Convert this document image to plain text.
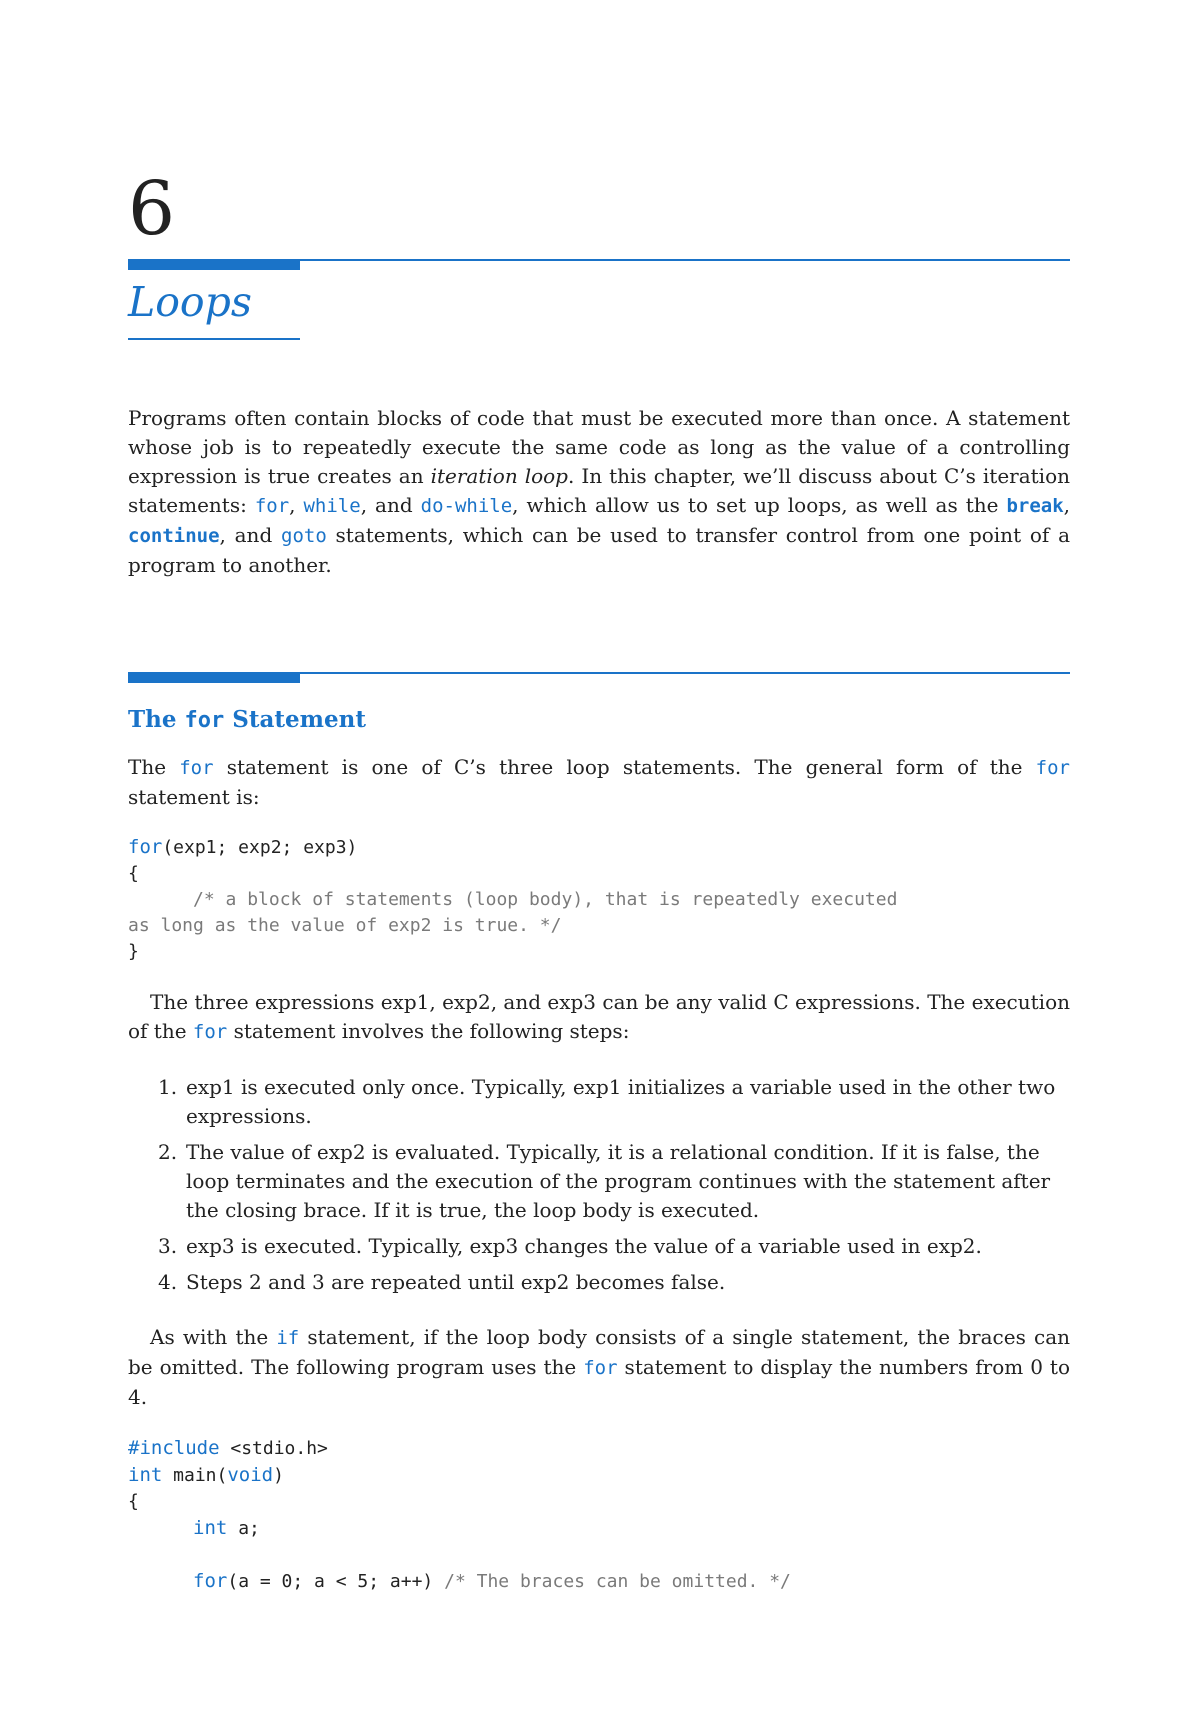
6
Loops

Programs often contain blocks of code that must be executed more than once. A statement whose job is to repeatedly execute the same code as long as the value of a controlling expression is true creates an iteration loop. In this chapter, we’ll discuss about C’s iteration statements: for, while, and do-while, which allow us to set up loops, as well as the break, continue, and goto statements, which can be used to transfer control from one point of a program to another.

The for Statement

The for statement is one of C’s three loop statements. The general form of the for statement is:

for(exp1; exp2; exp3)
{
/* a block of statements (loop body), that is repeatedly executed
as long as the value of exp2 is true. */
}

The three expressions exp1, exp2, and exp3 can be any valid C expressions. The execution of the for statement involves the following steps:

1. exp1 is executed only once. Typically, exp1 initializes a variable used in the other two expressions.
2. The value of exp2 is evaluated. Typically, it is a relational condition. If it is false, the loop terminates and the execution of the program continues with the statement after the closing brace. If it is true, the loop body is executed.
3. exp3 is executed. Typically, exp3 changes the value of a variable used in exp2.
4. Steps 2 and 3 are repeated until exp2 becomes false.

As with the if statement, if the loop body consists of a single statement, the braces can be omitted. The following program uses the for statement to display the numbers from 0 to 4.

#include <stdio.h>
int main(void)
{
int a;

for(a = 0; a < 5; a++) /* The braces can be omitted. */
